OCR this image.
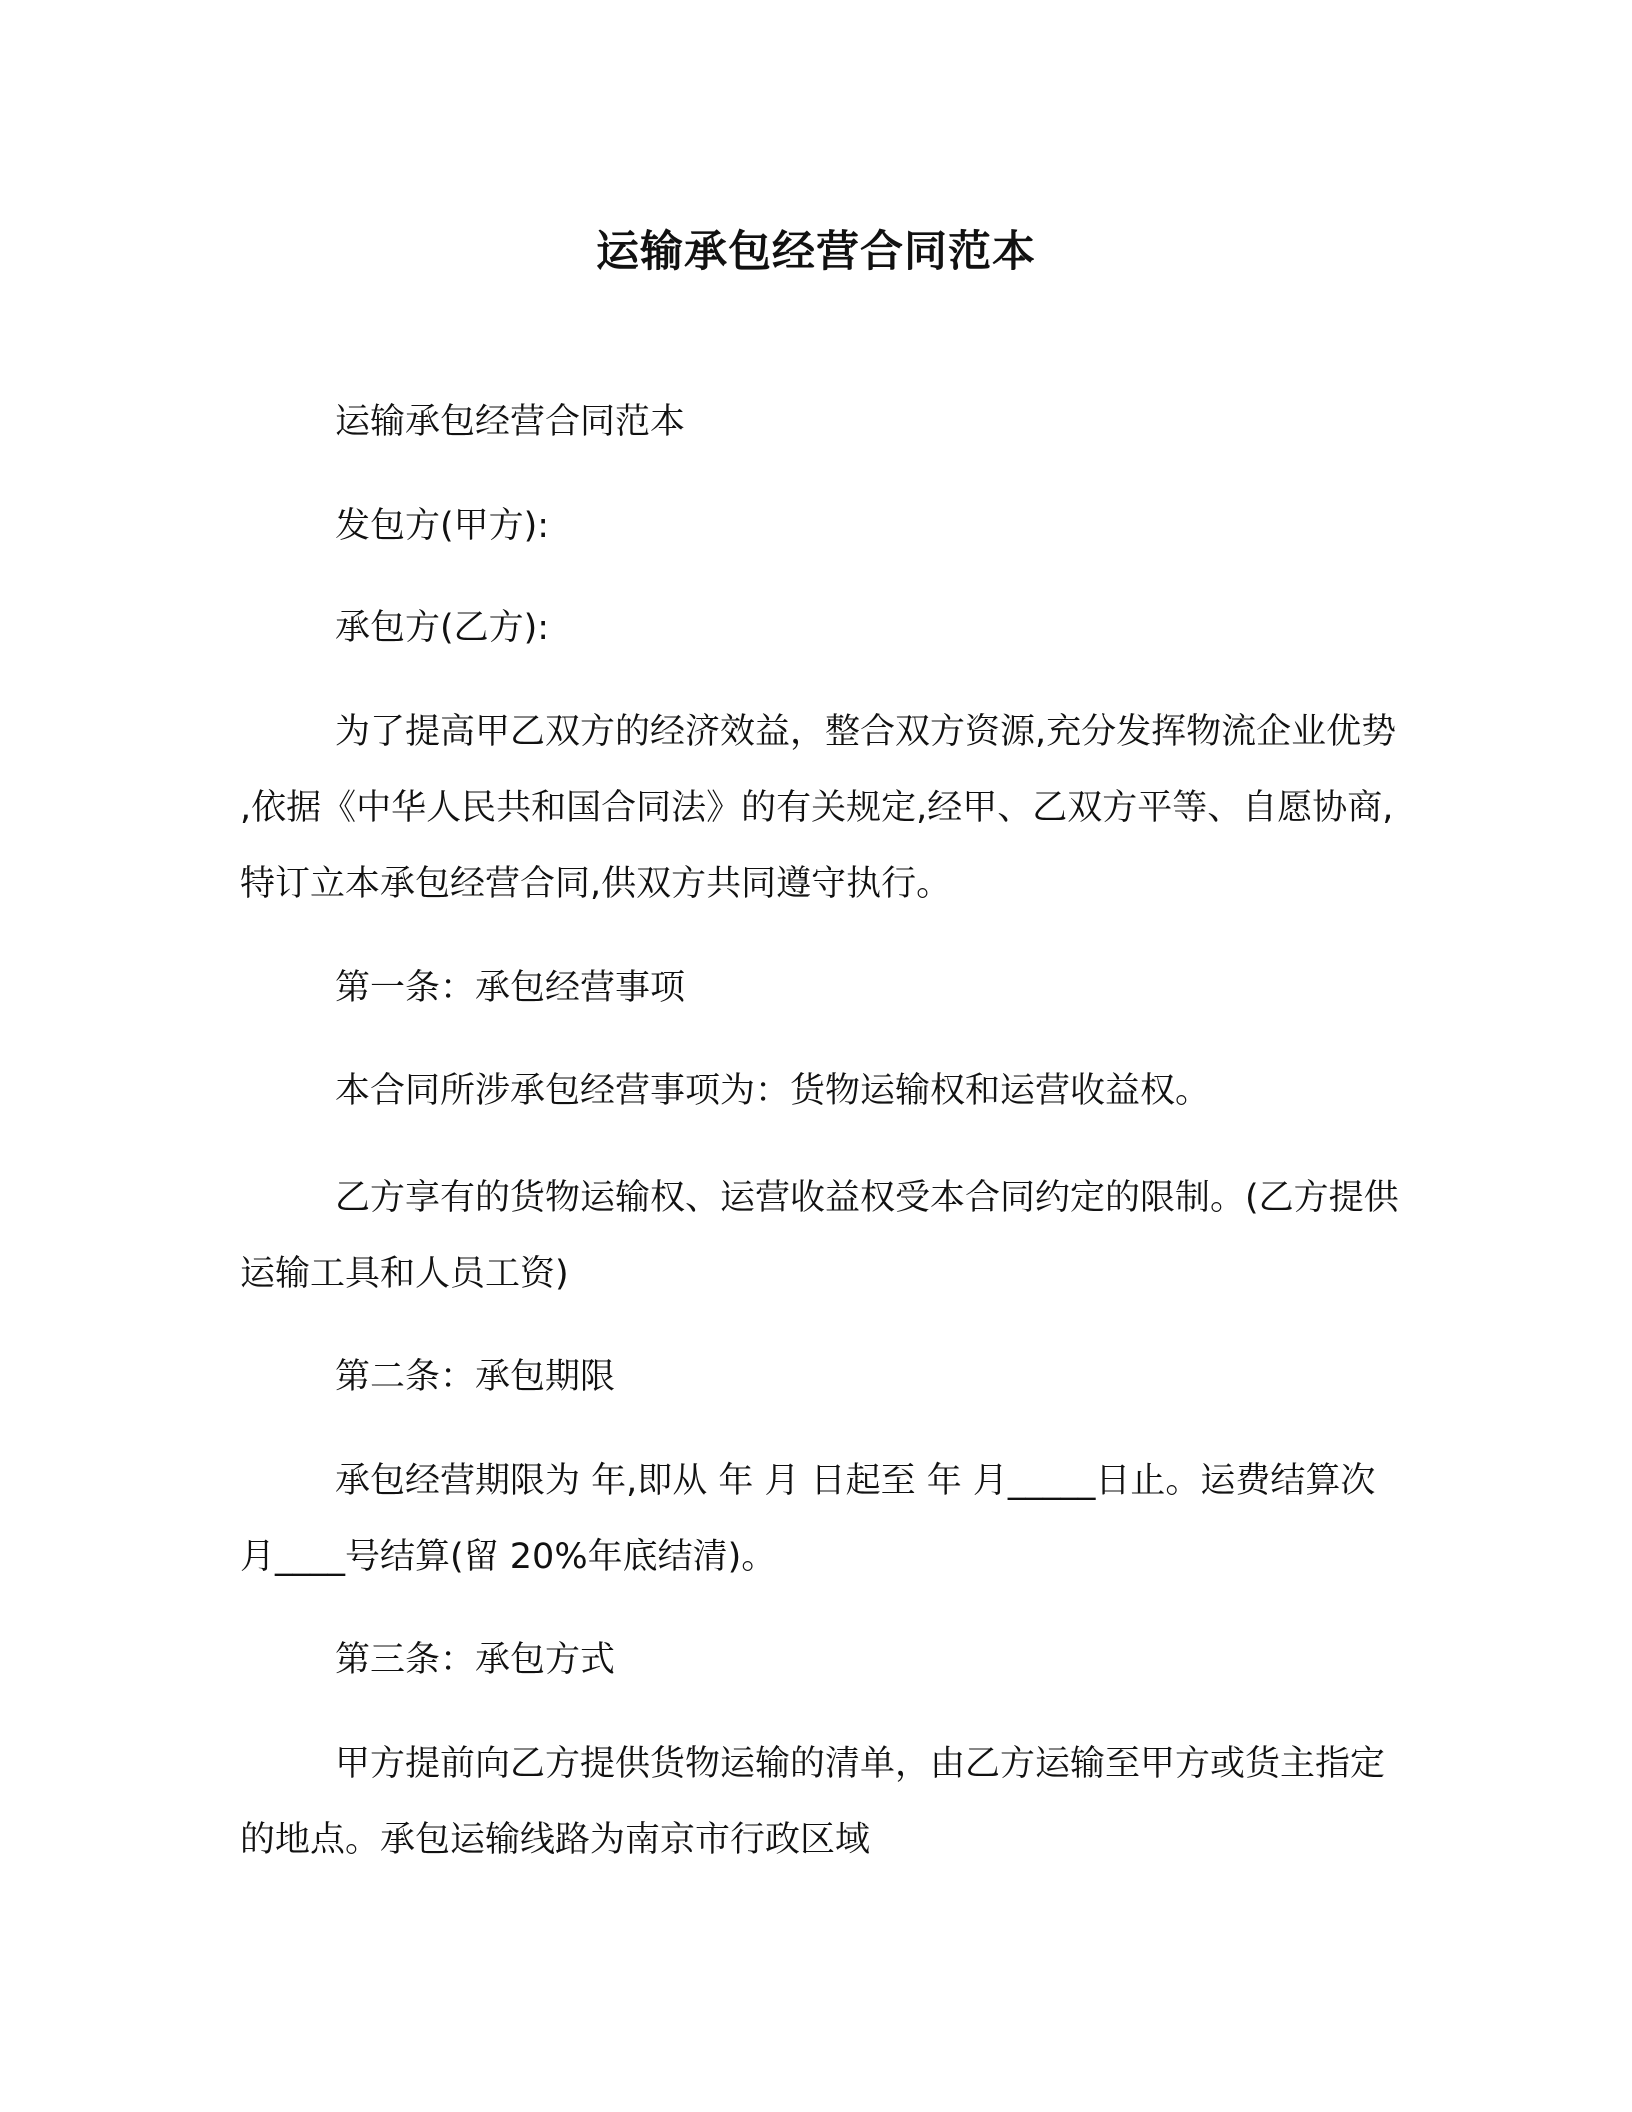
运输承包经营合同范本

运输承包经营合同范本

发包方(甲方):

承包方(乙方):

为了提高甲乙双方的经济效益，整合双方资源,充分发挥物流企业优势 ,依据《中华人民共和国合同法》的有关规定,经甲、乙双方平等、自愿协商,特订立本承包经营合同,供双方共同遵守执行。

第一条：承包经营事项

本合同所涉承包经营事项为：货物运输权和运营收益权。

乙方享有的货物运输权、运营收益权受本合同约定的限制。(乙方提供运输工具和人员工资)

第二条：承包期限

承包经营期限为 年,即从 年 月 日起至 年 月_____日止。运费结算次月____号结算(留 20%年底结清)。

第三条：承包方式

甲方提前向乙方提供货物运输的清单，由乙方运输至甲方或货主指定的地点。承包运输线路为南京市行政区域
